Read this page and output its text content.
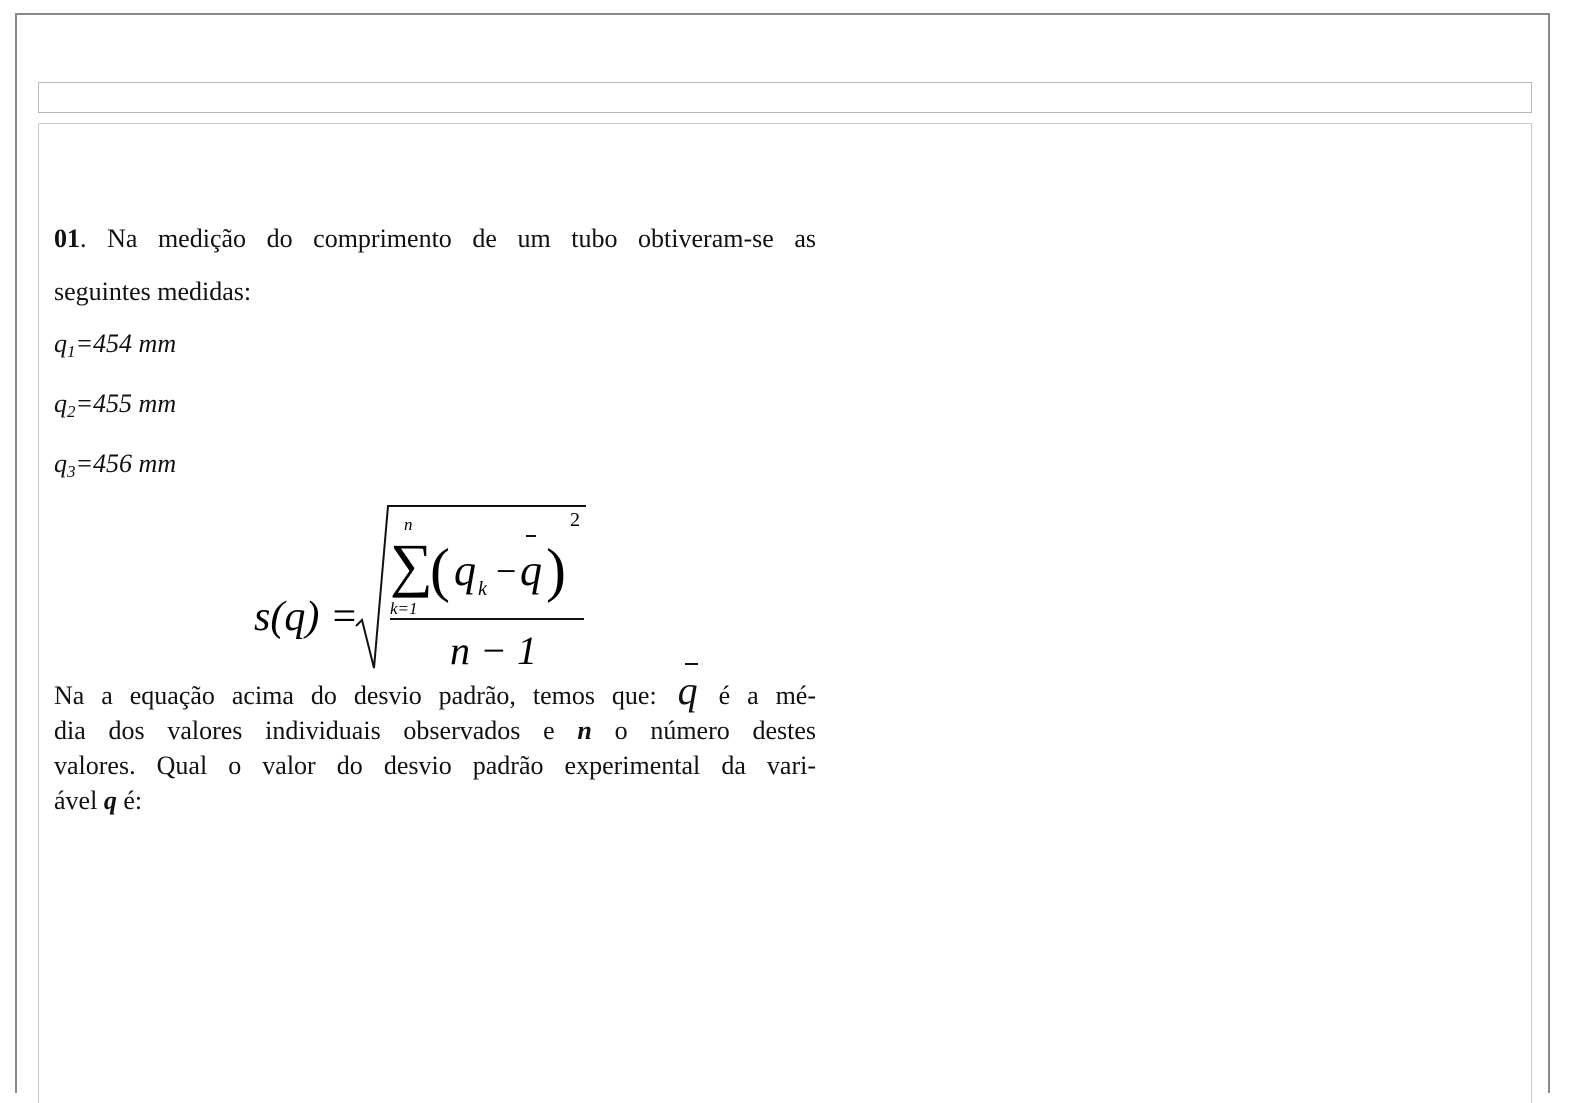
01. Na medição do comprimento de um tubo obtiveram-se as
seguintes medidas:
$q_1=454$ mm
$q_2=455$ mm
$q_3=456$ mm
s(q) =
n
∑
k=1
( q k − q )
2
n − 1
Na a equação acima do desvio padrão, temos que: q é a mé-
dia dos valores individuais observados e n o número destes
valores. Qual o valor do desvio padrão experimental da vari-
ável q é:
